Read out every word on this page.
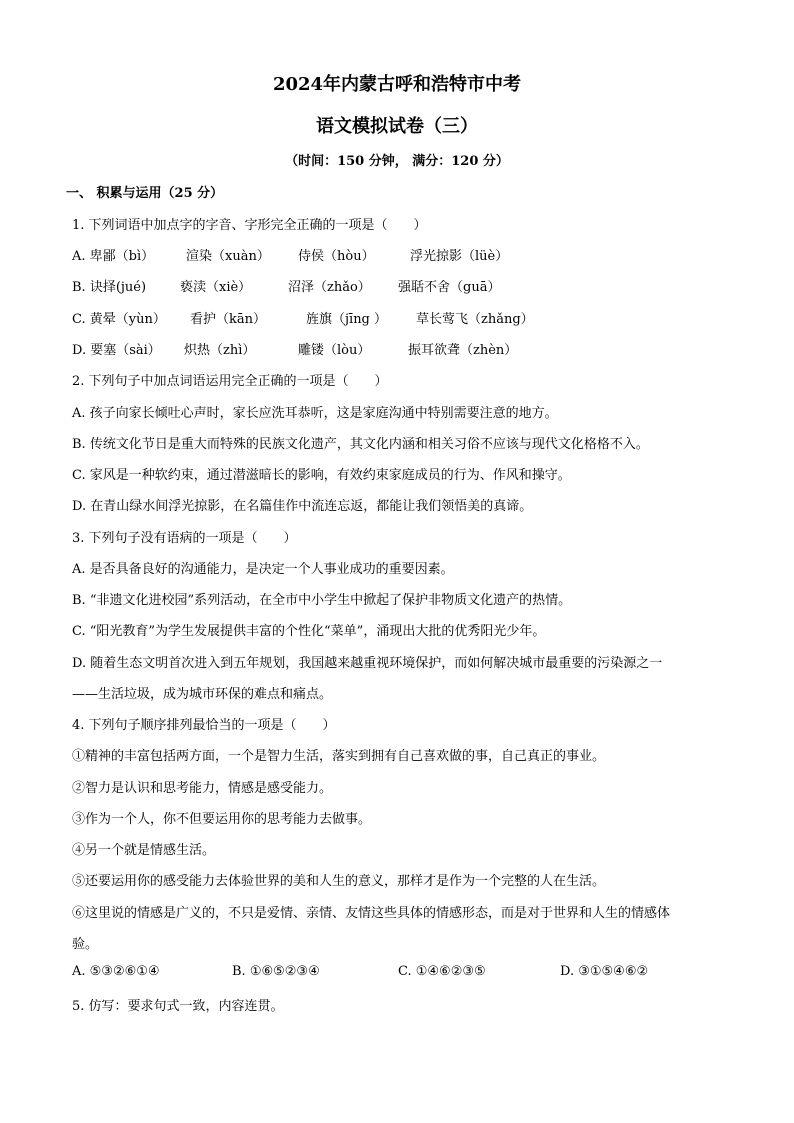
2024年内蒙古呼和浩特市中考
语文模拟试卷（三）
（时间：150 分钟， 满分：120 分）
一、 积累与运用（25 分）
1. 下列词语中加点字的字音、字形完全正确的一项是（　　）
A. 卑鄙（bì） 渲染（xuàn） 侍侯（hòu）	浮光掠影（lüè）
B. 诀择(jué)	亵渎（xiè）	沼泽（zhǎo） 强聒不舍（guā）
C. 黄晕（yùn） 看护（kān）	旌旗（jīng ） 草长莺飞（zhǎng）
D. 要塞（sài） 炽热（zhì）	雕镂（lòu）	振耳欲聋（zhèn）
2. 下列句子中加点词语运用完全正确的一项是（　　）
A. 孩子向家长倾吐心声时，家长应洗耳恭听，这是家庭沟通中特别需要注意的地方。
B. 传统文化节日是重大而特殊的民族文化遗产，其文化内涵和相关习俗不应该与现代文化格格不入。
C. 家风是一种软约束，通过潜滋暗长的影响，有效约束家庭成员的行为、作风和操守。
D. 在青山绿水间浮光掠影，在名篇佳作中流连忘返，都能让我们领悟美的真谛。
3. 下列句子没有语病的一项是（　　）
A. 是否具备良好的沟通能力，是决定一个人事业成功的重要因素。
B. “非遗文化进校园”系列活动，在全市中小学生中掀起了保护非物质文化遗产的热情。
C. “阳光教育”为学生发展提供丰富的个性化“菜单”，涌现出大批的优秀阳光少年。
D. 随着生态文明首次进入到五年规划，我国越来越重视环境保护，而如何解决城市最重要的污染源之一
——生活垃圾，成为城市环保的难点和痛点。
4. 下列句子顺序排列最恰当的一项是（　　）
①精神的丰富包括两方面，一个是智力生活，落实到拥有自己喜欢做的事，自己真正的事业。
②智力是认识和思考能力，情感是感受能力。
③作为一个人，你不但要运用你的思考能力去做事。
④另一个就是情感生活。
⑤还要运用你的感受能力去体验世界的美和人生的意义，那样才是作为一个完整的人在生活。
⑥这里说的情感是广义的，不只是爱情、亲情、友情这些具体的情感形态，而是对于世界和人生的情感体
验。
A. ⑤③②⑥①④	B. ①⑥⑤②③④	C. ①④⑥②③⑤	D. ③①⑤④⑥②
5. 仿写：要求句式一致，内容连贯。
